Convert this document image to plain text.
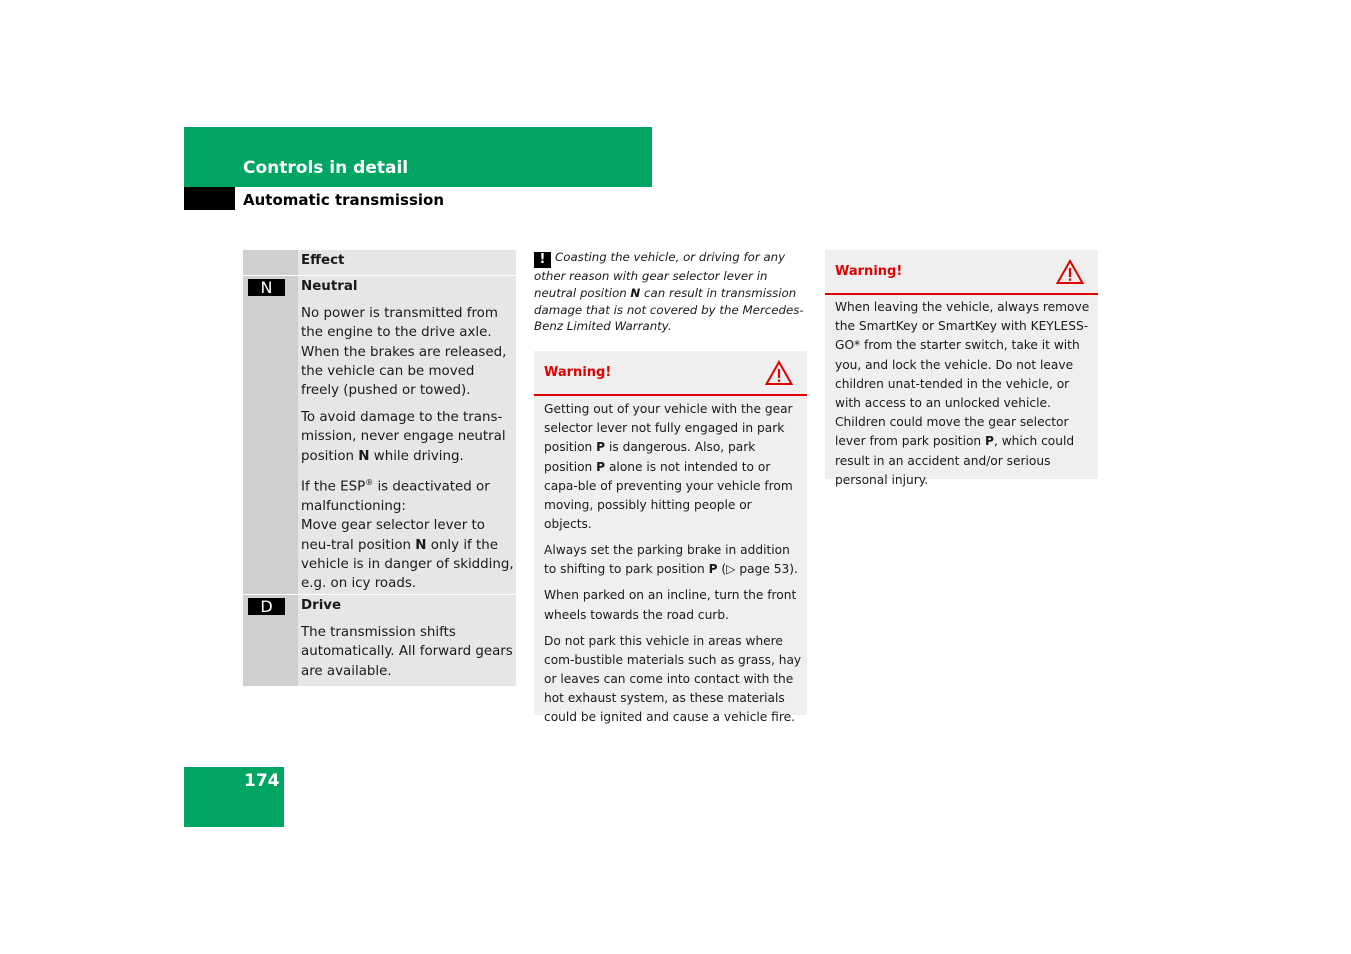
Controls in detail
Automatic transmission
Effect
N	Neutral

No power is transmitted from the engine to the drive axle. When the brakes are released, the vehicle can be moved freely (pushed or towed).

To avoid damage to the trans-mission, never engage neutral position N while driving.

If the ESP® is deactivated or malfunctioning:
Move gear selector lever to neu-tral position N only if the vehicle is in danger of skidding, e.g. on icy roads.

D	Drive

The transmission shifts automatically. All forward gears are available.

! Coasting the vehicle, or driving for any other reason with gear selector lever in neutral position N can result in transmission damage that is not covered by the Mercedes-Benz Limited Warranty.
Warning!

Getting out of your vehicle with the gear selector lever not fully engaged in park position P is dangerous. Also, park position P alone is not intended to or capa-ble of preventing your vehicle from moving, possibly hitting people or objects.

Always set the parking brake in addition to shifting to park position P (▷ page 53).

When parked on an incline, turn the front wheels towards the road curb.

Do not park this vehicle in areas where com-bustible materials such as grass, hay or leaves can come into contact with the hot exhaust system, as these materials could be ignited and cause a vehicle fire.

Warning!

When leaving the vehicle, always remove the SmartKey or SmartKey with KEYLESS-GO* from the starter switch, take it with you, and lock the vehicle. Do not leave children unat-tended in the vehicle, or with access to an unlocked vehicle. Children could move the gear selector lever from park position P, which could result in an accident and/or serious personal injury.

174
